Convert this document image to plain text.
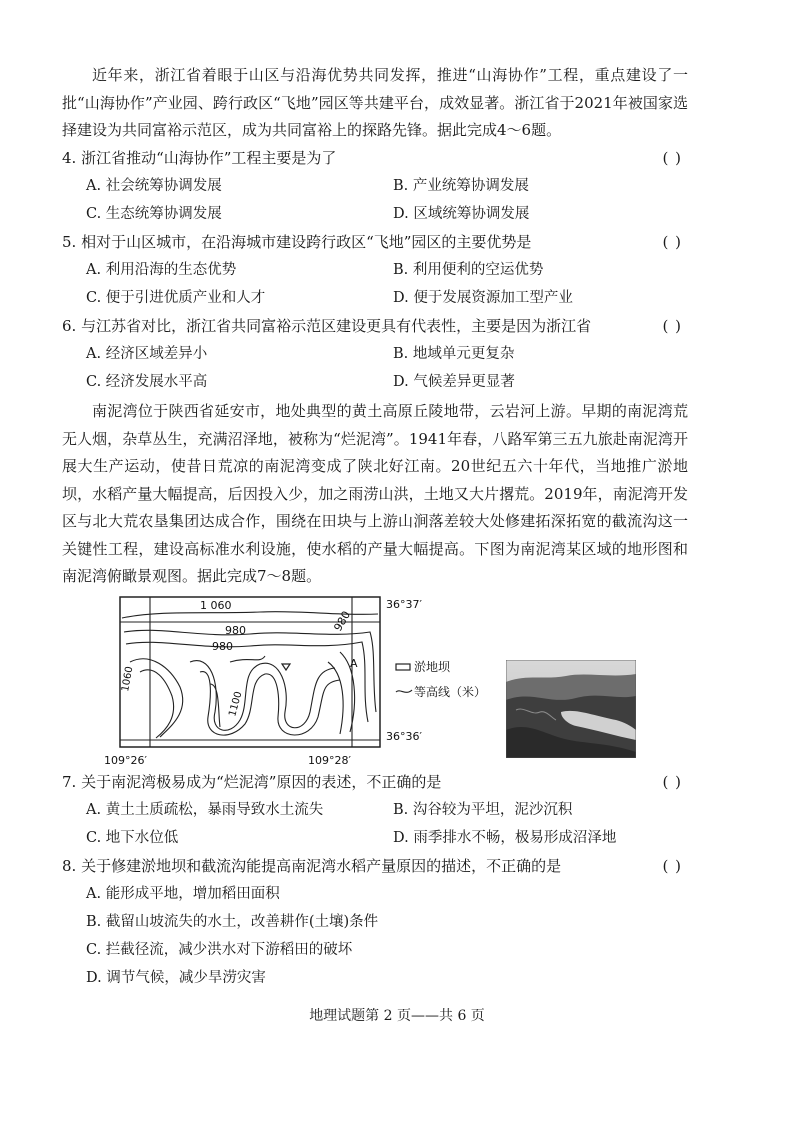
近年来，浙江省着眼于山区与沿海优势共同发挥，推进“山海协作”工程，重点建设了一批“山海协作”产业园、跨行政区“飞地”园区等共建平台，成效显著。浙江省于2021年被国家选择建设为共同富裕示范区，成为共同富裕上的探路先锋。据此完成4～6题。
4. 浙江省推动“山海协作”工程主要是为了	( )
A. 社会统筹协调发展	B. 产业统筹协调发展
C. 生态统筹协调发展	D. 区域统筹协调发展
5. 相对于山区城市，在沿海城市建设跨行政区“飞地”园区的主要优势是	( )
A. 利用沿海的生态优势	B. 利用便利的空运优势
C. 便于引进优质产业和人才	D. 便于发展资源加工型产业
6. 与江苏省对比，浙江省共同富裕示范区建设更具有代表性，主要是因为浙江省	( )
A. 经济区域差异小	B. 地域单元更复杂
C. 经济发展水平高	D. 气候差异更显著
南泥湾位于陕西省延安市，地处典型的黄土高原丘陵地带，云岩河上游。早期的南泥湾荒无人烟，杂草丛生，充满沼泽地，被称为“烂泥湾”。1941年春，八路军第三五九旅赴南泥湾开展大生产运动，使昔日荒凉的南泥湾变成了陕北好江南。20世纪五六十年代，当地推广淤地坝，水稻产量大幅提高，后因投入少，加之雨涝山洪，土地又大片撂荒。2019年，南泥湾开发区与北大荒农垦集团达成合作，围绕在田块与上游山涧落差较大处修建拓深拓宽的截流沟这一关键性工程，建设高标准水利设施，使水稻的产量大幅提高。下图为南泥湾某区域的地形图和南泥湾俯瞰景观图。据此完成7～8题。
1 060
980	980
980
1060
1100
A
36°37′
36°36′
109°26′	109°28′
淤地坝
等高线（米）
7. 关于南泥湾极易成为“烂泥湾”原因的表述，不正确的是	( )
A. 黄土土质疏松，暴雨导致水土流失	B. 沟谷较为平坦，泥沙沉积
C. 地下水位低	D. 雨季排水不畅，极易形成沼泽地
8. 关于修建淤地坝和截流沟能提高南泥湾水稻产量原因的描述，不正确的是	( )
A. 能形成平地，增加稻田面积
B. 截留山坡流失的水土，改善耕作(土壤)条件
C. 拦截径流，减少洪水对下游稻田的破坏
D. 调节气候，减少旱涝灾害
地理试题第 2 页——共 6 页
